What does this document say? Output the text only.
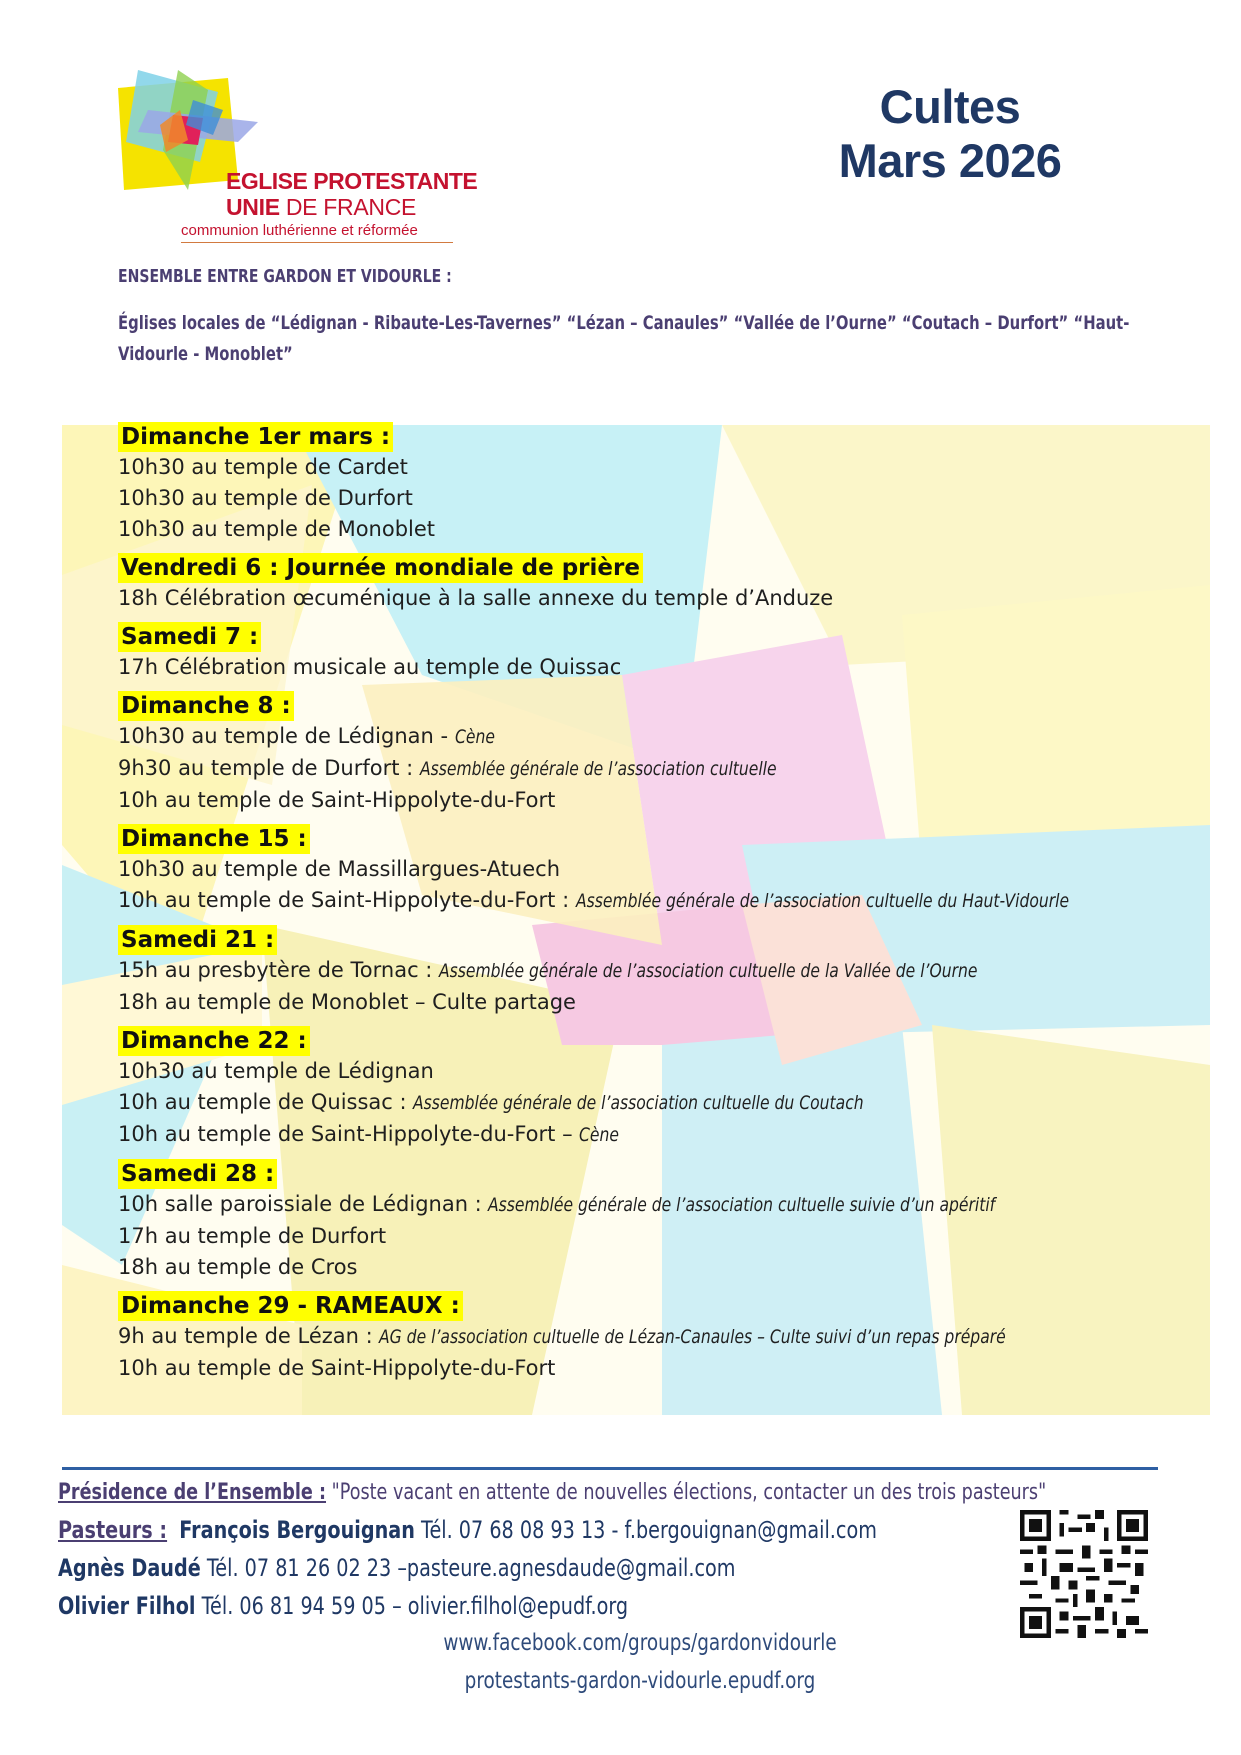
EGLISE PROTESTANTE
UNIE DE FRANCE
communion luthérienne et réformée
Cultes
Mars 2026
ENSEMBLE ENTRE GARDON ET VIDOURLE :
Églises locales de “Lédignan - Ribaute-Les-Tavernes” “Lézan – Canaules” “Vallée de l’Ourne” “Coutach – Durfort” “Haut-Vidourle - Monoblet”
Dimanche 1er mars :
10h30 au temple de Cardet
10h30 au temple de Durfort
10h30 au temple de Monoblet
Vendredi 6 : Journée mondiale de prière
18h Célébration œcuménique à la salle annexe du temple d’Anduze
Samedi 7 :
17h Célébration musicale au temple de Quissac
Dimanche 8 :
10h30 au temple de Lédignan - Cène
9h30 au temple de Durfort : Assemblée générale de l’association cultuelle
10h au temple de Saint-Hippolyte-du-Fort
Dimanche 15 :
10h30 au temple de Massillargues-Atuech
10h au temple de Saint-Hippolyte-du-Fort : Assemblée générale de l’association cultuelle du Haut-Vidourle
Samedi 21 :
15h au presbytère de Tornac : Assemblée générale de l’association cultuelle de la Vallée de l’Ourne
18h au temple de Monoblet – Culte partage
Dimanche 22 :
10h30 au temple de Lédignan
10h au temple de Quissac : Assemblée générale de l’association cultuelle du Coutach
10h au temple de Saint-Hippolyte-du-Fort – Cène
Samedi 28 :
10h salle paroissiale de Lédignan : Assemblée générale de l’association cultuelle suivie d’un apéritif
17h au temple de Durfort
18h au temple de Cros
Dimanche 29 - RAMEAUX :
9h au temple de Lézan : AG de l’association cultuelle de Lézan-Canaules – Culte suivi d’un repas préparé
10h au temple de Saint-Hippolyte-du-Fort
Présidence de l’Ensemble : "Poste vacant en attente de nouvelles élections, contacter un des trois pasteurs"
Pasteurs : François Bergouignan Tél. 07 68 08 93 13 - f.bergouignan@gmail.com
Agnès Daudé Tél. 07 81 26 02 23 –pasteure.agnesdaude@gmail.com
Olivier Filhol Tél. 06 81 94 59 05 – olivier.filhol@epudf.org
www.facebook.com/groups/gardonvidourle
protestants-gardon-vidourle.epudf.org
